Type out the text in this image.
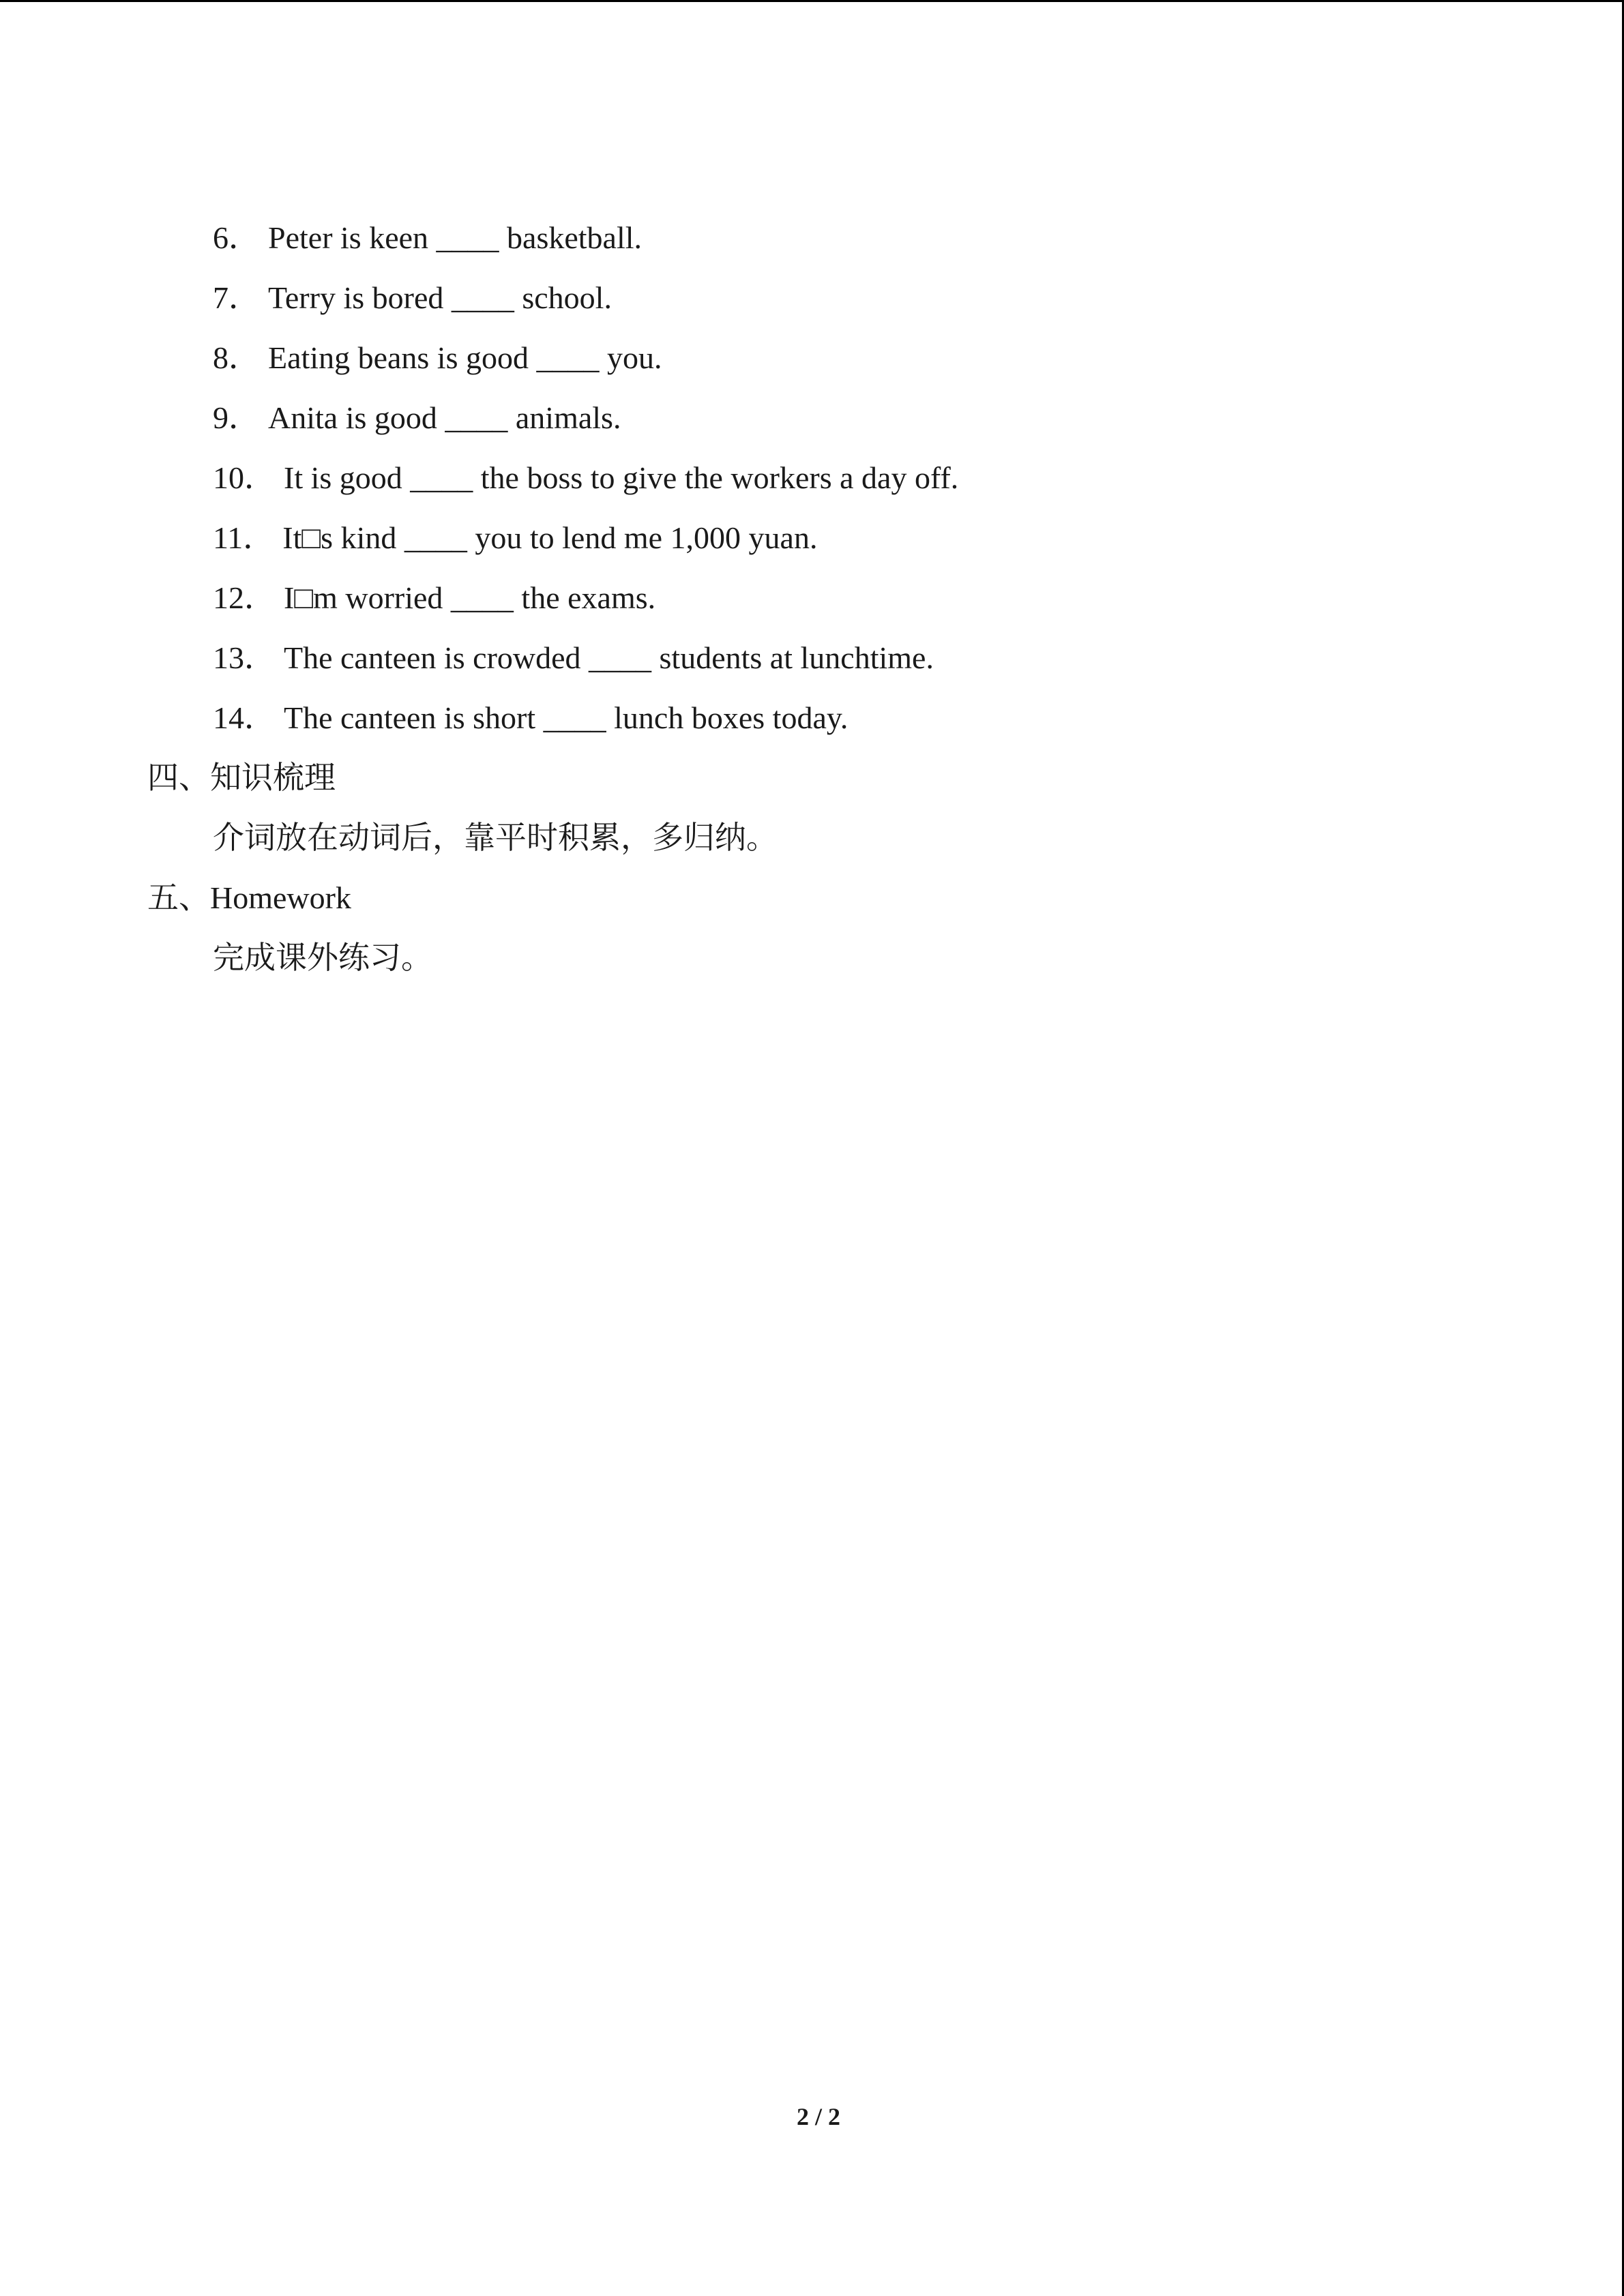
6． Peter is keen ____ basketball.
7． Terry is bored ____ school.
8． Eating beans is good ____ you.
9． Anita is good ____ animals.
10． It is good ____ the boss to give the workers a day off.
11． It□s kind ____ you to lend me 1,000 yuan.
12． I□m worried ____ the exams.
13． The canteen is crowded ____ students at lunchtime.
14． The canteen is short ____ lunch boxes today.
四、知识梳理
介词放在动词后，靠平时积累，多归纳。
五、Homework
完成课外练习。
2 / 2
